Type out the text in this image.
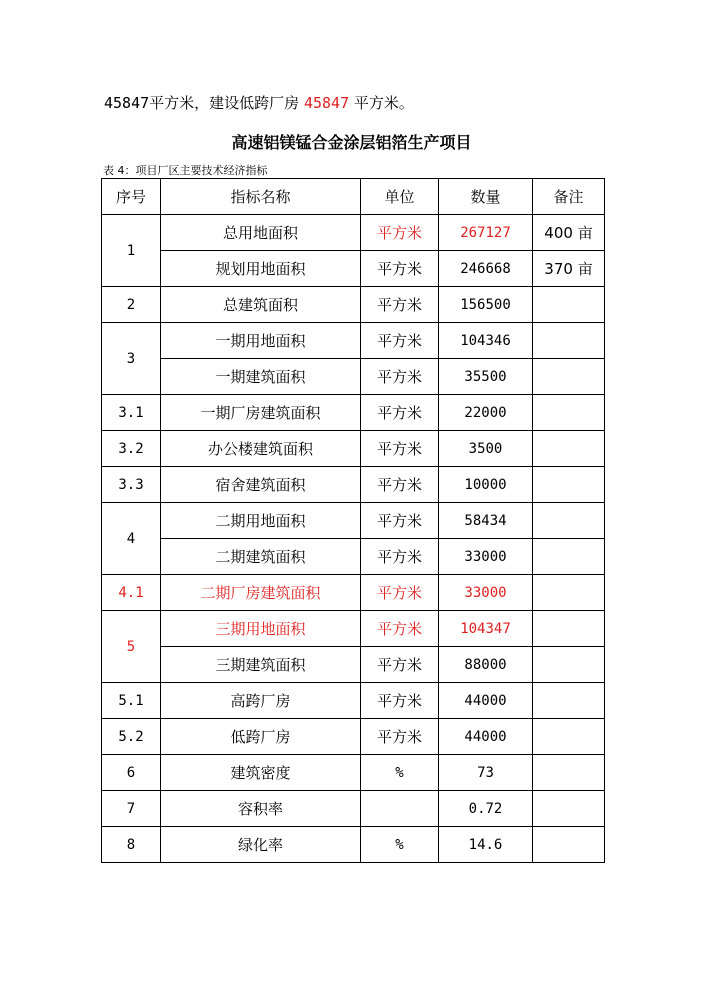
45847平方米，建设低跨厂房 45847 平方米。
高速铝镁锰合金涂层铝箔生产项目
表 4：项目厂区主要技术经济指标
序号	指标名称	单位	数量	备注
1	总用地面积	平方米	267127	400 亩
	规划用地面积	平方米	246668	370 亩
2	总建筑面积	平方米	156500	
3	一期用地面积	平方米	104346	
	一期建筑面积	平方米	35500	
3.1	一期厂房建筑面积	平方米	22000	
3.2	办公楼建筑面积	平方米	3500	
3.3	宿舍建筑面积	平方米	10000	
4	二期用地面积	平方米	58434	
	二期建筑面积	平方米	33000	
4.1	二期厂房建筑面积	平方米	33000	
5	三期用地面积	平方米	104347	
	三期建筑面积	平方米	88000	
5.1	高跨厂房	平方米	44000	
5.2	低跨厂房	平方米	44000	
6	建筑密度	%	73	
7	容积率		0.72	
8	绿化率	%	14.6	
